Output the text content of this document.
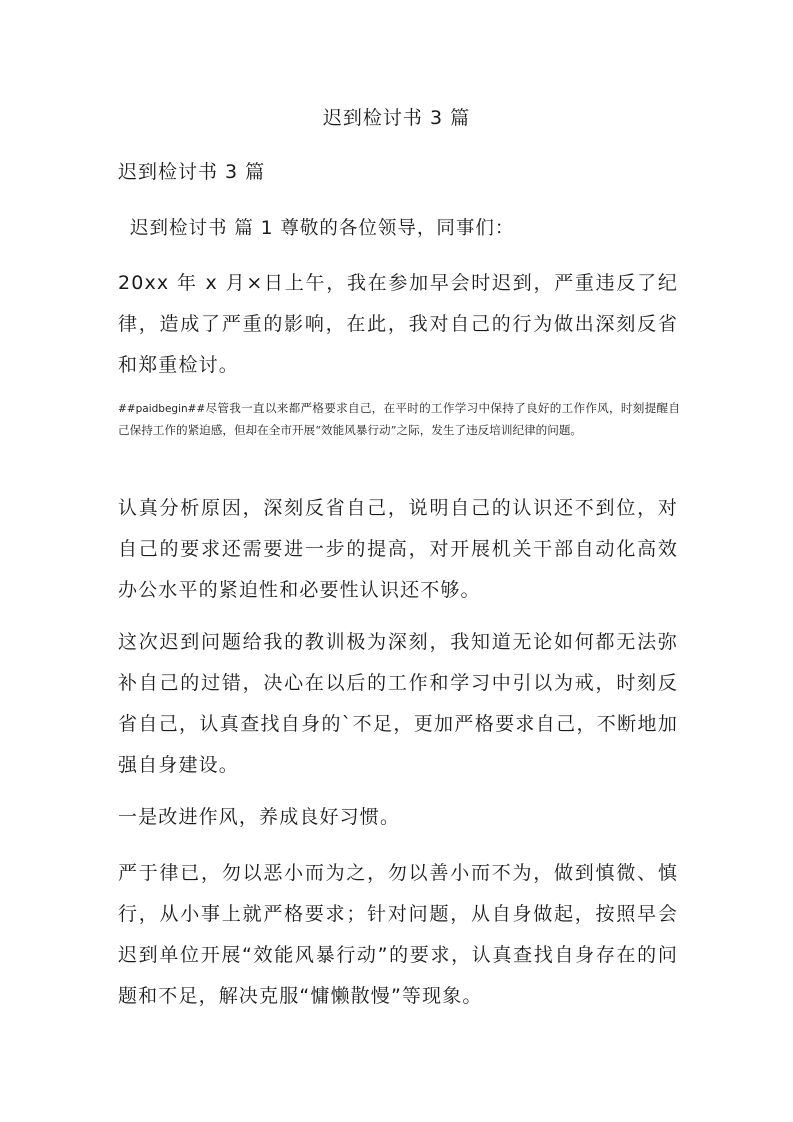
迟到检讨书 3 篇
迟到检讨书 3 篇
迟到检讨书 篇 1 尊敬的各位领导，同事们：

20xx 年 x 月×日上午，我在参加早会时迟到，严重违反了纪律，造成了严重的影响，在此，我对自己的行为做出深刻反省和郑重检讨。

##paidbegin##尽管我一直以来都严格要求自己，在平时的工作学习中保持了良好的工作作风，时刻提醒自己保持工作的紧迫感，但却在全市开展“效能风暴行动”之际，发生了违反培训纪律的问题。

认真分析原因，深刻反省自己，说明自己的认识还不到位，对自己的要求还需要进一步的提高，对开展机关干部自动化高效办公水平的紧迫性和必要性认识还不够。

这次迟到问题给我的教训极为深刻，我知道无论如何都无法弥补自己的过错，决心在以后的工作和学习中引以为戒，时刻反省自己，认真查找自身的`不足，更加严格要求自己，不断地加强自身建设。

一是改进作风，养成良好习惯。

严于律已，勿以恶小而为之，勿以善小而不为，做到慎微、慎行，从小事上就严格要求；针对问题，从自身做起，按照早会迟到单位开展“效能风暴行动”的要求，认真查找自身存在的问题和不足，解决克服“慵懒散慢”等现象。
